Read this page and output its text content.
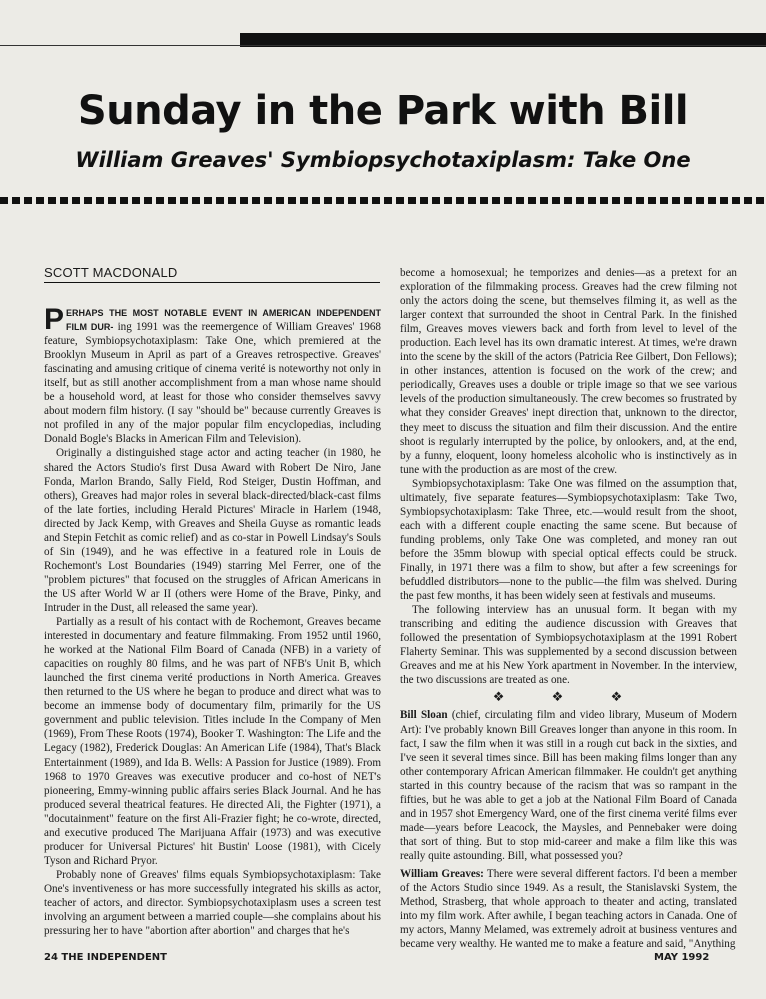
Sunday in the Park with Bill
William Greaves' Symbiopsychotaxiplasm: Take One
SCOTT MACDONALD

PERHAPS THE MOST NOTABLE EVENT IN AMERICAN INDEPENDENT FILM DUR- ing 1991 was the reemergence of William Greaves' 1968 feature, Symbiopsychotaxiplasm: Take One, which premiered at the Brooklyn Museum in April as part of a Greaves retrospective. Greaves' fascinating and amusing critique of cinema verité is noteworthy not only in itself, but as still another accomplishment from a man whose name should be a household word, at least for those who consider themselves savvy about modern film history. (I say "should be" because currently Greaves is not profiled in any of the major popular film encyclopedias, including Donald Bogle's Blacks in American Film and Television).

Originally a distinguished stage actor and acting teacher (in 1980, he shared the Actors Studio's first Dusa Award with Robert De Niro, Jane Fonda, Marlon Brando, Sally Field, Rod Steiger, Dustin Hoffman, and others), Greaves had major roles in several black-directed/black-cast films of the late forties, including Herald Pictures' Miracle in Harlem (1948, directed by Jack Kemp, with Greaves and Sheila Guyse as romantic leads and Stepin Fetchit as comic relief) and as co-star in Powell Lindsay's Souls of Sin (1949), and he was effective in a featured role in Louis de Rochemont's Lost Boundaries (1949) starring Mel Ferrer, one of the "problem pictures" that focused on the struggles of African Americans in the US after World W ar II (others were Home of the Brave, Pinky, and Intruder in the Dust, all released the same year).

Partially as a result of his contact with de Rochemont, Greaves became interested in documentary and feature filmmaking. From 1952 until 1960, he worked at the National Film Board of Canada (NFB) in a variety of capacities on roughly 80 films, and he was part of NFB's Unit B, which launched the first cinema verité productions in North America. Greaves then returned to the US where he began to produce and direct what was to become an immense body of documentary film, primarily for the US government and public television. Titles include In the Company of Men (1969), From These Roots (1974), Booker T. Washington: The Life and the Legacy (1982), Frederick Douglas: An American Life (1984), That's Black Entertainment (1989), and Ida B. Wells: A Passion for Justice (1989). From 1968 to 1970 Greaves was executive producer and co-host of NET's pioneering, Emmy-winning public affairs series Black Journal. And he has produced several theatrical features. He directed Ali, the Fighter (1971), a "docutainment" feature on the first Ali-Frazier fight; he co-wrote, directed, and executive produced The Marijuana Affair (1973) and was executive producer for Universal Pictures' hit Bustin' Loose (1981), with Cicely Tyson and Richard Pryor.

Probably none of Greaves' films equals Symbiopsychotaxiplasm: Take One's inventiveness or has more successfully integrated his skills as actor, teacher of actors, and director. Symbiopsychotaxiplasm uses a screen test involving an argument between a married couple—she complains about his pressuring her to have "abortion after abortion" and charges that he's

become a homosexual; he temporizes and denies—as a pretext for an exploration of the filmmaking process. Greaves had the crew filming not only the actors doing the scene, but themselves filming it, as well as the larger context that surrounded the shoot in Central Park. In the finished film, Greaves moves viewers back and forth from level to level of the production. Each level has its own dramatic interest. At times, we're drawn into the scene by the skill of the actors (Patricia Ree Gilbert, Don Fellows); in other instances, attention is focused on the work of the crew; and periodically, Greaves uses a double or triple image so that we see various levels of the production simultaneously. The crew becomes so frustrated by what they consider Greaves' inept direction that, unknown to the director, they meet to discuss the situation and film their discussion. And the entire shoot is regularly interrupted by the police, by onlookers, and, at the end, by a funny, eloquent, loony homeless alcoholic who is instinctively as in tune with the production as are most of the crew.

Symbiopsychotaxiplasm: Take One was filmed on the assumption that, ultimately, five separate features—Symbiopsychotaxiplasm: Take Two, Symbiopsychotaxiplasm: Take Three, etc.—would result from the shoot, each with a different couple enacting the same scene. But because of funding problems, only Take One was completed, and money ran out before the 35mm blowup with special optical effects could be struck. Finally, in 1971 there was a film to show, but after a few screenings for befuddled distributors—none to the public—the film was shelved. During the past few months, it has been widely seen at festivals and museums.

The following interview has an unusual form. It began with my transcribing and editing the audience discussion with Greaves that followed the presentation of Symbiopsychotaxiplasm at the 1991 Robert Flaherty Seminar. This was supplemented by a second discussion between Greaves and me at his New York apartment in November. In the interview, the two discussions are treated as one.

❖ ❖ ❖

Bill Sloan (chief, circulating film and video library, Museum of Modern Art): I've probably known Bill Greaves longer than anyone in this room. In fact, I saw the film when it was still in a rough cut back in the sixties, and I've seen it several times since. Bill has been making films longer than any other contemporary African American filmmaker. He couldn't get anything started in this country because of the racism that was so rampant in the fifties, but he was able to get a job at the National Film Board of Canada and in 1957 shot Emergency Ward, one of the first cinema verité films ever made—years before Leacock, the Maysles, and Pennebaker were doing that sort of thing. But to stop mid-career and make a film like this was really quite astounding. Bill, what possessed you?

William Greaves: There were several different factors. I'd been a member of the Actors Studio since 1949. As a result, the Stanislavski System, the Method, Strasberg, that whole approach to theater and acting, translated into my film work. After awhile, I began teaching actors in Canada. One of my actors, Manny Melamed, was extremely adroit at business ventures and became very wealthy. He wanted me to make a feature and said, "Anything

24 THE INDEPENDENT	MAY 1992
